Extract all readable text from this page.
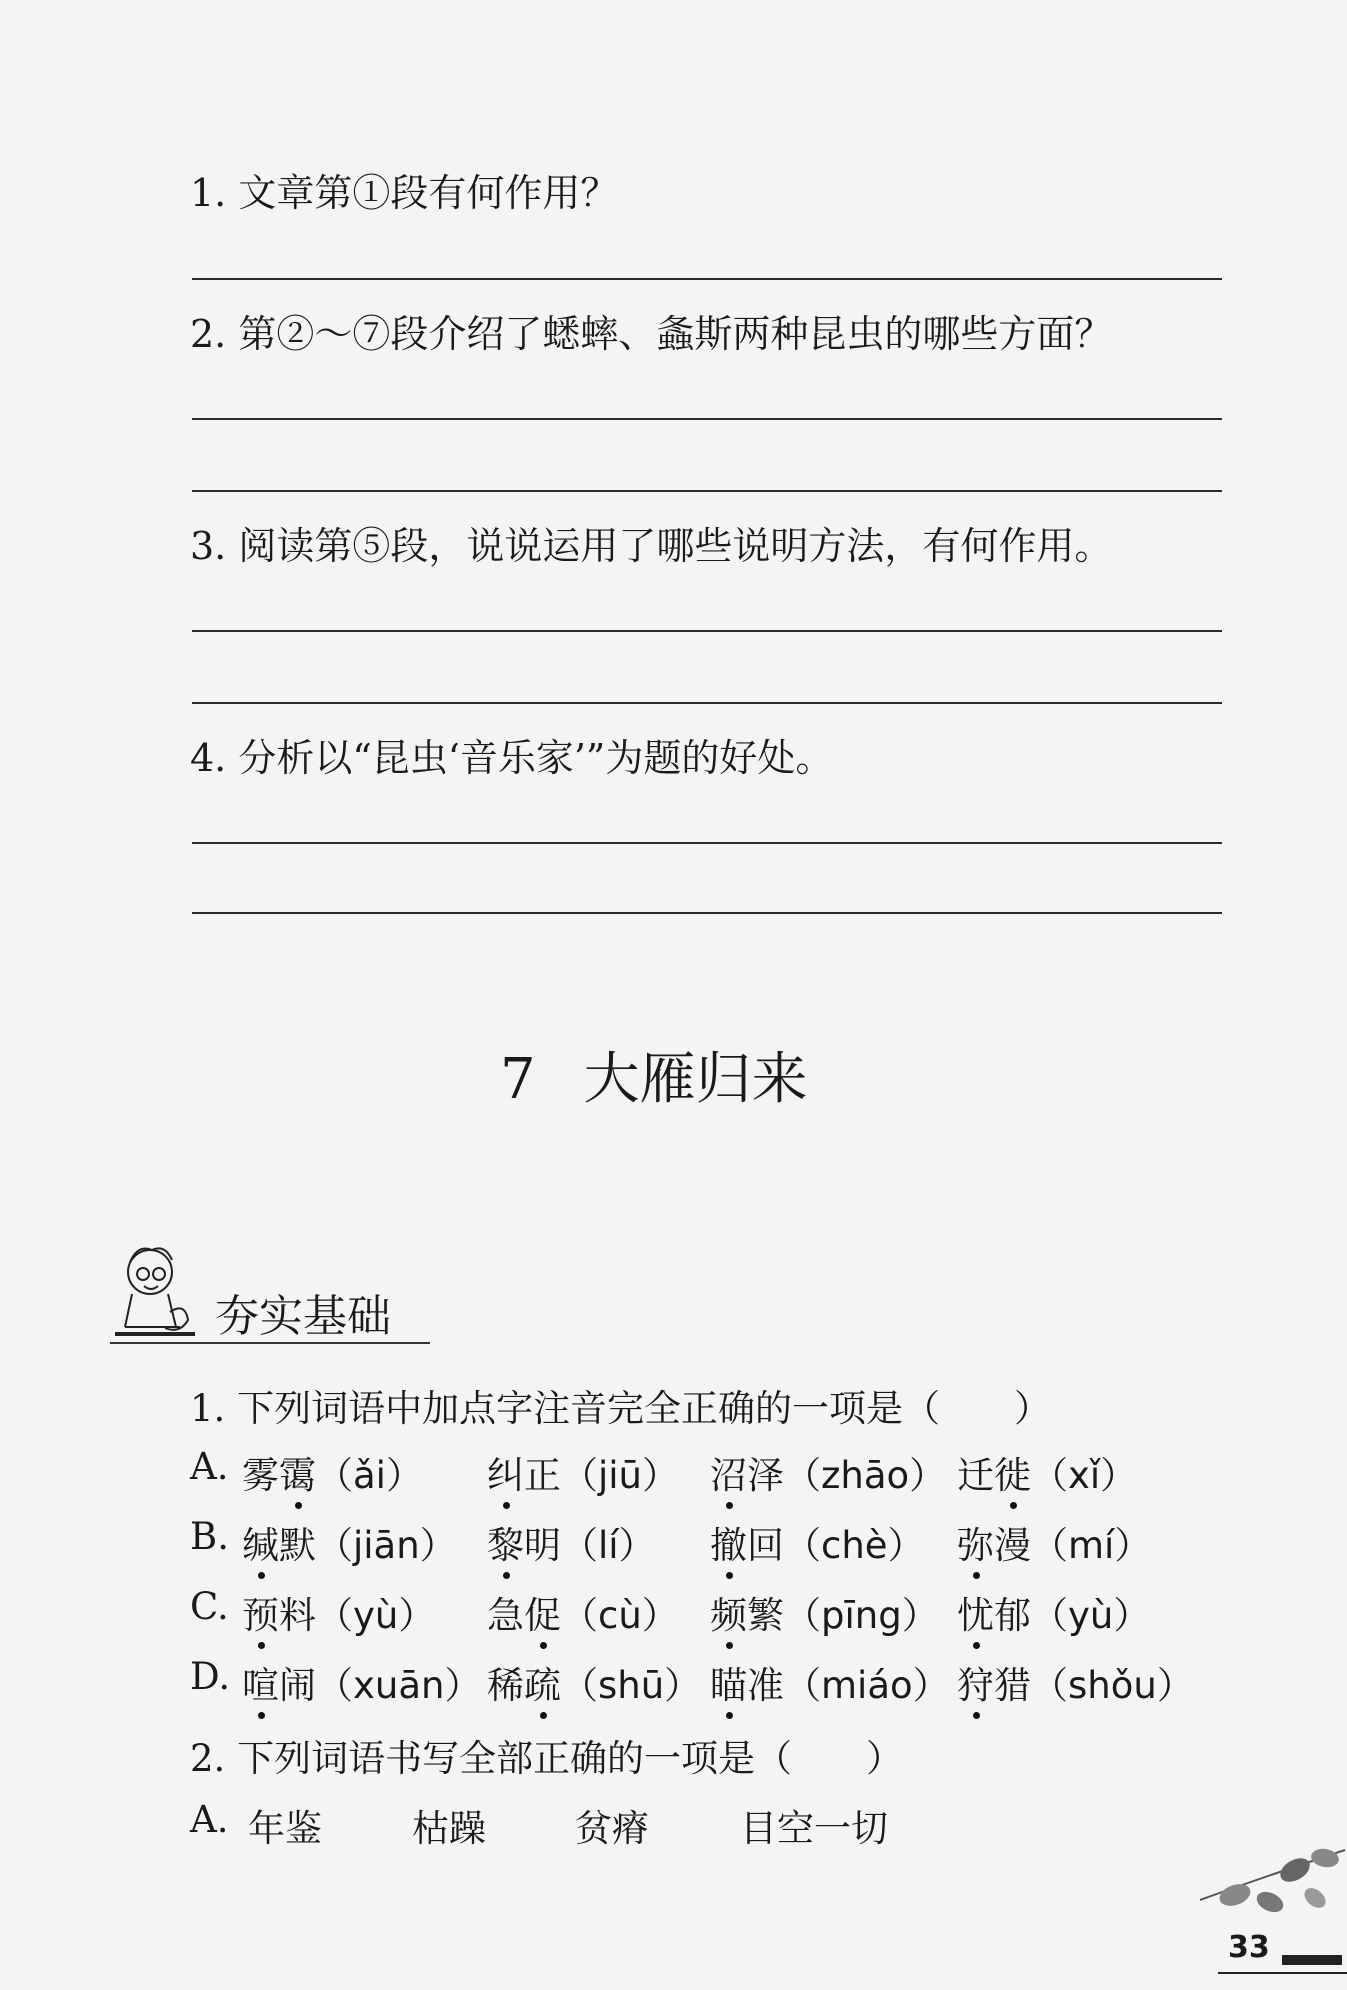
1. 文章第①段有何作用？
2. 第②～⑦段介绍了蟋蟀、螽斯两种昆虫的哪些方面？
3. 阅读第⑤段，说说运用了哪些说明方法，有何作用。
4. 分析以“昆虫‘音乐家’”为题的好处。
7 大雁归来
夯实基础
1. 下列词语中加点字注音完全正确的一项是（　　）
A. 雾霭（ǎi） 纠正（jiū） 沼泽（zhāo） 迁徙（xǐ）
B. 缄默（jiān） 黎明（lí） 撤回（chè） 弥漫（mí）
C. 预料（yù） 急促（cù） 频繁（pīng） 忧郁（yù）
D. 喧闹（xuān） 稀疏（shū） 瞄准（miáo） 狩猎（shǒu）
2. 下列词语书写全部正确的一项是（　　）
A. 年鉴 枯躁 贫瘠 目空一切
33
